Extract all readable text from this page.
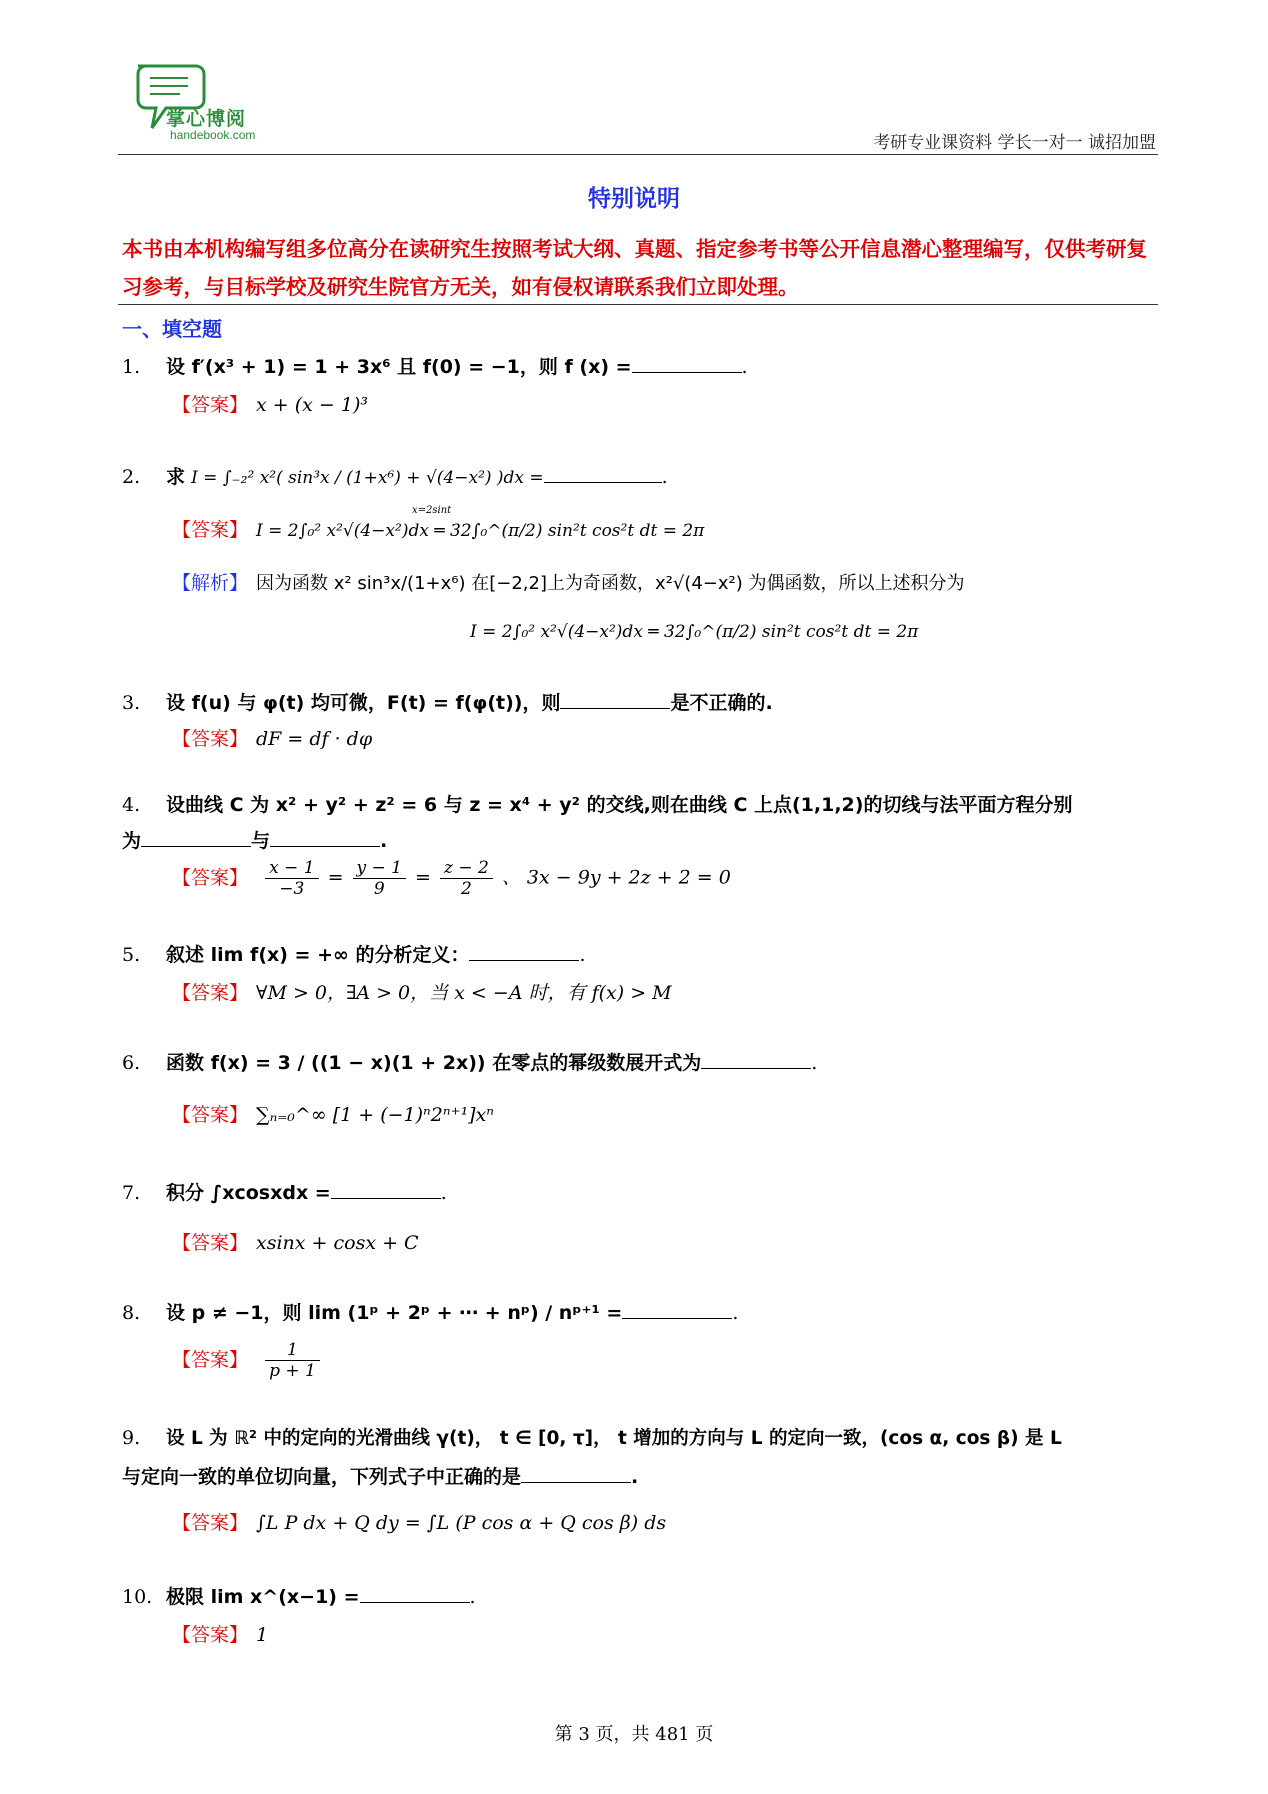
掌心博阅
handebook.com	考研专业课资料 学长一对一 诚招加盟
特别说明
本书由本机构编写组多位高分在读研究生按照考试大纲、真题、指定参考书等公开信息潜心整理编写，仅供考研复习参考，与目标学校及研究生院官方无关，如有侵权请联系我们立即处理。
一、填空题
1. 设 f′(x³ + 1) = 1 + 3x⁶ 且 f(0) = −1，则 f (x) =	.
【答案】 x + (x − 1)³
2. 求 I = ∫₋₂² x²( sin³x / (1+x⁶) + √(4−x²) )dx =	.
【答案】 I = 2∫₀² x²√(4−x²)dx ═ 32∫₀^(π/2) sin²t cos²t dt = 2π
x=2sint
【解析】 因为函数 x² sin³x/(1+x⁶) 在[−2,2]上为奇函数，x²√(4−x²) 为偶函数，所以上述积分为
I = 2∫₀² x²√(4−x²)dx ═ 32∫₀^(π/2) sin²t cos²t dt = 2π
3. 设 f(u) 与 φ(t) 均可微，F(t) = f(φ(t))，则	是不正确的.
【答案】 dF = df · dφ
4. 设曲线 C 为 x² + y² + z² = 6 与 z = x⁴ + y² 的交线,则在曲线 C 上点(1,1,2)的切线与法平面方程分别
为	与	.
【答案】 $\frac{x - 1}{-3} = \frac{y - 1}{9} = \frac{z - 2}{2}$ 、 3x − 9y + 2z + 2 = 0
5. 叙述 lim f(x) = +∞ 的分析定义：	.
【答案】 ∀M > 0，∃A > 0，当 x < −A 时，有 f(x) > M
6. 函数 f(x) = 3 / ((1 − x)(1 + 2x)) 在零点的幂级数展开式为	.
【答案】 ∑ₙ₌₀^∞ [1 + (−1)ⁿ2ⁿ⁺¹]xⁿ
7. 积分 ∫xcosxdx =	.
【答案】 xsinx + cosx + C
8. 设 p ≠ −1，则 lim (1ᵖ + 2ᵖ + ⋯ + nᵖ) / nᵖ⁺¹ =	.
【答案】 $\frac{1}{p + 1}$
9. 设 L 为 ℝ² 中的定向的光滑曲线 γ(t)， t ∈ [0, τ]， t 增加的方向与 L 的定向一致，(cos α, cos β) 是 L
与定向一致的单位切向量，下列式子中正确的是	.
【答案】 ∫L P dx + Q dy = ∫L (P cos α + Q cos β) ds
10. 极限 lim x^(x−1) =	.
【答案】 1
第 3 页，共 481 页
